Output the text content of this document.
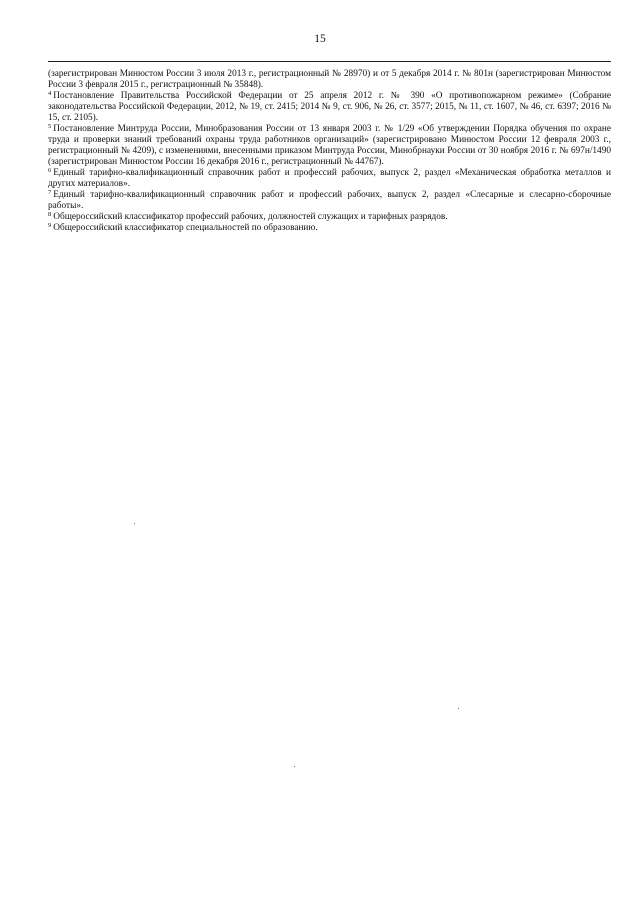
15

(зарегистрирован Минюстом России 3 июля 2013 г., регистрационный № 28970) и от 5 декабря 2014 г. № 801н (зарегистрирован Минюстом России 3 февраля 2015 г., регистрационный № 35848).

$^4$ Постановление Правительства Российской Федерации от 25 апреля 2012 г. № 390 «О противопожарном режиме» (Собрание законодательства Российской Федерации, 2012, № 19, ст. 2415; 2014 № 9, ст. 906, № 26, ст. 3577; 2015, № 11, ст. 1607, № 46, ст. 6397; 2016 № 15, ст. 2105).

$^5$ Постановление Минтруда России, Минобразования России от 13 января 2003 г. № 1/29 «Об утверждении Порядка обучения по охране труда и проверки знаний требований охраны труда работников организаций» (зарегистрировано Минюстом России 12 февраля 2003 г., регистрационный № 4209), с изменениями, внесенными приказом Минтруда России, Минобрнауки России от 30 ноября 2016 г. № 697н/1490 (зарегистрирован Минюстом России 16 декабря 2016 г., регистрационный № 44767).

$^6$ Единый тарифно-квалификационный справочник работ и профессий рабочих, выпуск 2, раздел «Механическая обработка металлов и других материалов».

$^7$ Единый тарифно-квалификационный справочник работ и профессий рабочих, выпуск 2, раздел «Слесарные и слесарно-сборочные работы».

$^8$ Общероссийский классификатор профессий рабочих, должностей служащих и тарифных разрядов.

$^9$ Общероссийский классификатор специальностей по образованию.
